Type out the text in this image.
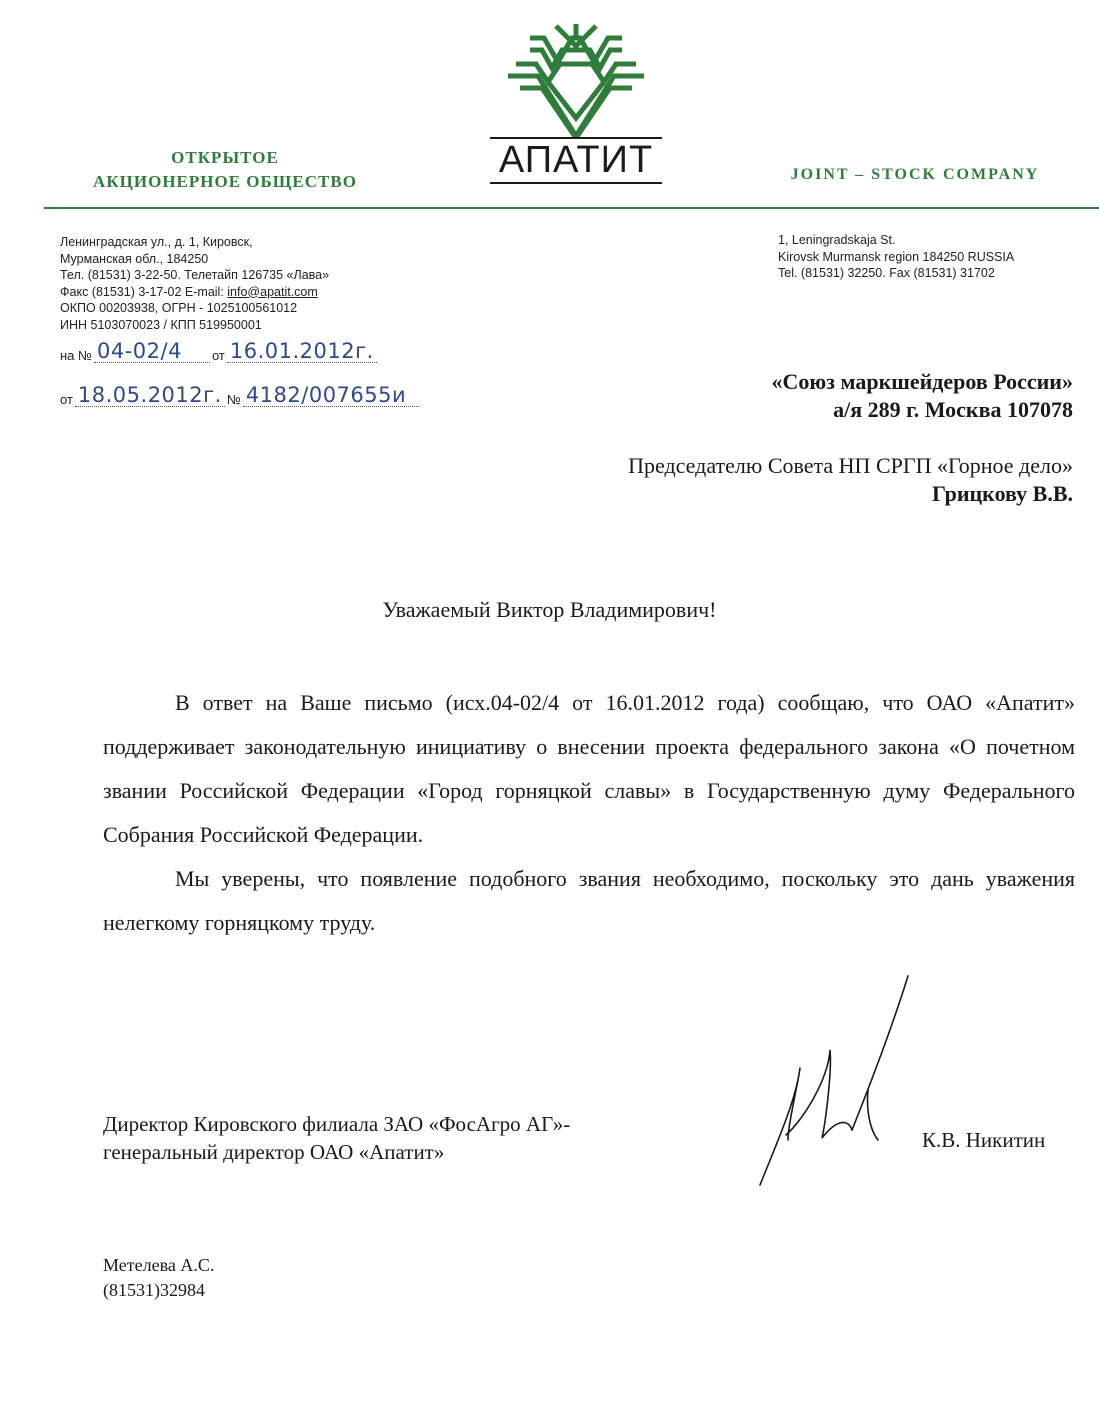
ОТКРЫТОЕ
АКЦИОНЕРНОЕ ОБЩЕСТВО
АПАТИТ	JOINT – STOCK COMPANY
Ленинградская ул., д. 1, Кировск,
Мурманская обл., 184250
Тел. (81531) 3-22-50. Телетайп 126735 «Лава»
Факс (81531) 3-17-02 E-mail: info@apatit.com
ОКПО 00203938, ОГРН - 1025100561012
ИНН 5103070023 / КПП 519950001
1, Leningradskaja St.
Kirovsk Murmansk region 184250 RUSSIA
Tel. (81531) 32250. Fax (81531) 31702
на № 04-02/4	от 16.01.2012г.
от 18.05.2012г. № 4182/007655и
«Союз маркшейдеров России»
а/я 289 г. Москва 107078
Председателю Совета НП СРГП «Горное дело»
Грицкову В.В.
Уважаемый Виктор Владимирович!

В ответ на Ваше письмо (исх.04-02/4 от 16.01.2012 года) сообщаю, что ОАО «Апатит» поддерживает законодательную инициативу о внесении проекта федерального закона «О почетном звании Российской Федерации «Город горняцкой славы» в Государственную думу Федерального Собрания Российской Федерации.

Мы уверены, что появление подобного звания необходимо, поскольку это дань уважения нелегкому горняцкому труду.

Директор Кировского филиала ЗАО «ФосАгро АГ»-
генеральный директор ОАО «Апатит»	К.В. Никитин
Метелева А.С.
(81531)32984
